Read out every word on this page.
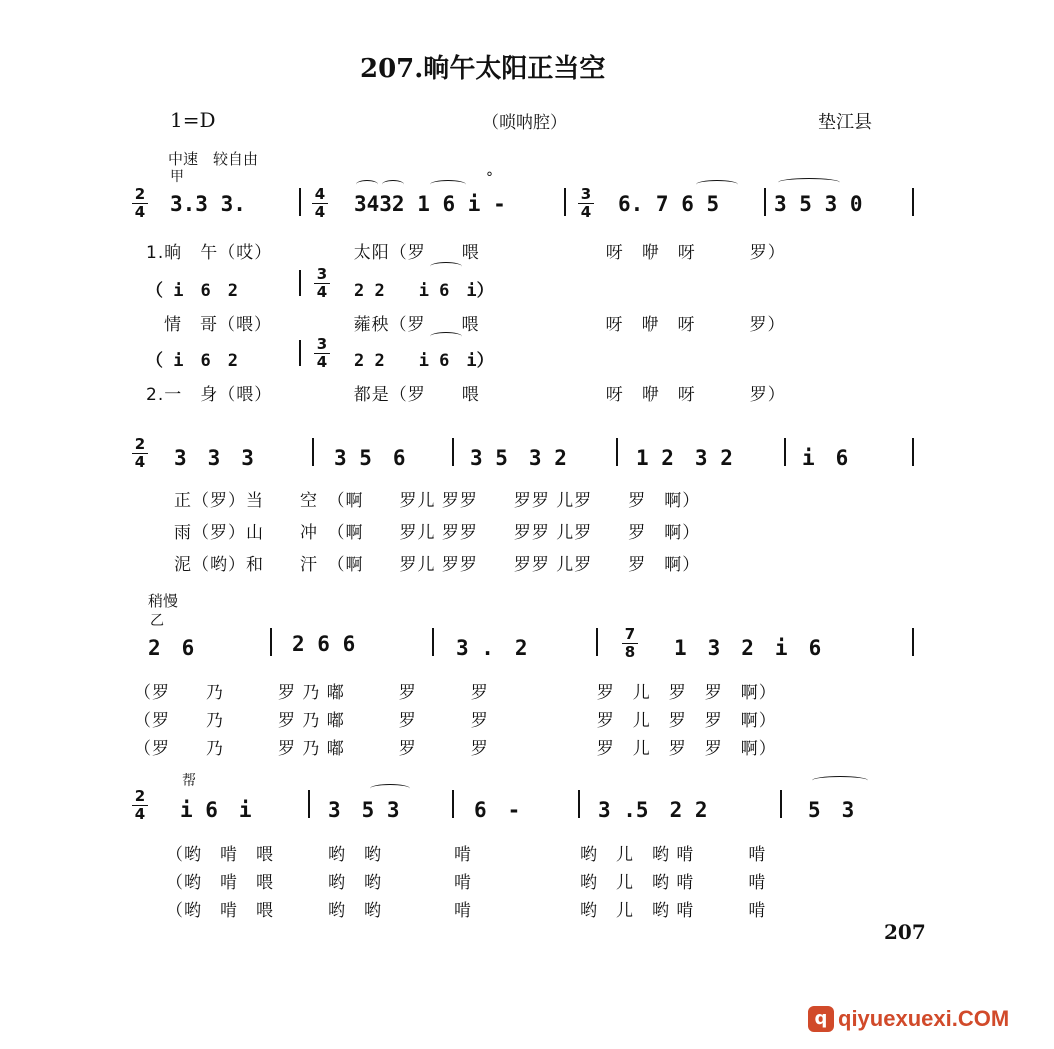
207.晌午太阳正当空
1=D	（唢呐腔）	垫江县
中速　较自由
甲
2
4 3.3 3.	4
4
°
3432 1 6 i -	3
4 6. 7 6 5	3 5 3 0
1.晌　午（哎）　　　　　太阳（罗　　喂　　　　　　　呀　咿　呀　　　罗）
（ i　6　2
3
4 2 2　　i 6　i）
　情　哥（喂）　　　　　蕹秧（罗　　喂　　　　　　　呀　咿　呀　　　罗）
（ i　6　2
3
4 2 2　　i 6　i）
2.一　身（喂）　　　　　都是（罗　　喂　　　　　　　呀　咿　呀　　　罗）
2
4 3　3　3	3 5　6	3 5　3 2	1 2　3 2	i　6
正（罗）当　　空　（啊　　罗儿 罗罗　　罗罗 儿罗　　罗　啊）
雨（罗）山　　冲　（啊　　罗儿 罗罗　　罗罗 儿罗　　罗　啊）
泥（哟）和　　汗　（啊　　罗儿 罗罗　　罗罗 儿罗　　罗　啊）
稍慢
乙
2　6	2 6 6	3 .　2
7
8 1　3　2　i　6
（罗　　乃　　　罗 乃 嘟　　　罗　　　罗　　　　　　罗　儿　罗　罗　啊）
（罗　　乃　　　罗 乃 嘟　　　罗　　　罗　　　　　　罗　儿　罗　罗　啊）
（罗　　乃　　　罗 乃 嘟　　　罗　　　罗　　　　　　罗　儿　罗　罗　啊）
帮
2
4 i 6　i	3　5 3	6　-	3 .5　2 2	5　3
（哟　啃　喂　　　哟　哟　　　　啃　　　　　　哟　儿　哟 啃　　　啃
（哟　啃　喂　　　哟　哟　　　　啃　　　　　　哟　儿　哟 啃　　　啃
（哟　啃　喂　　　哟　哟　　　　啃　　　　　　哟　儿　哟 啃　　　啃
207
q qiyuexuexi.COM
